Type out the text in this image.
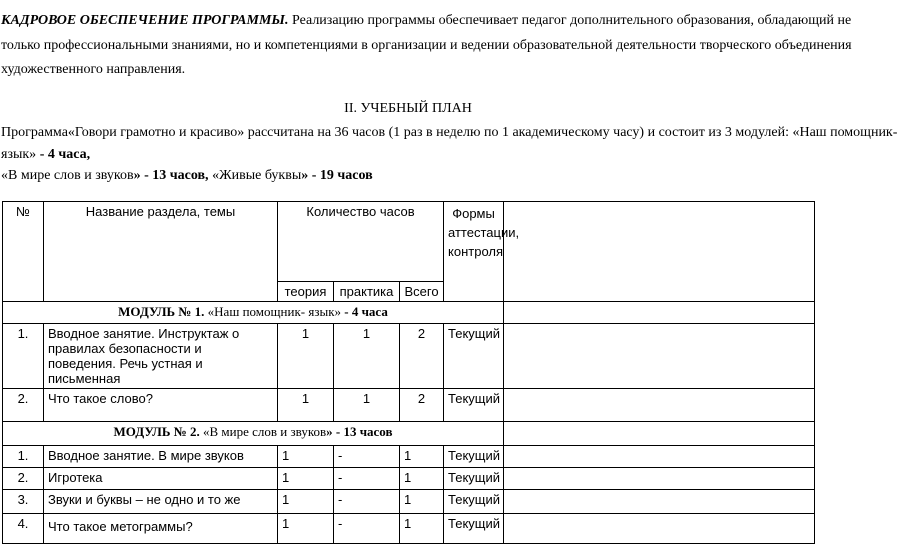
КАДРОВОЕ ОБЕСПЕЧЕНИЕ ПРОГРАММЫ. Реализацию программы обеспечивает педагог дополнительного образования, обладающий не
только профессиональными знаниями, но и компетенциями в организации и ведении образовательной деятельности творческого объединения
художественного направления.
II. УЧЕБНЫЙ ПЛАН
Программа«Говори грамотно и красиво» рассчитана на 36 часов (1 раз в неделю по 1 академическому часу) и состоит из 3 модулей: «Наш помощник-
язык» - 4 часа,
«В мире слов и звуков» - 13 часов, «Живые буквы» - 19 часов
№	Название раздела, темы	Количество часов			Формы аттестации, контроля	
		теория	практика	Всего		
МОДУЛЬ № 1. «Наш помощник- язык» - 4 часа						
1.	Вводное занятие. Инструктаж о правилах безопасности и поведения. Речь устная и письменная	1	1	2	Текущий	
2.	Что такое слово?	1	1	2	Текущий	
МОДУЛЬ № 2. «В мире слов и звуков» - 13 часов						
1.	Вводное занятие. В мире звуков	1	-	1	Текущий	
2.	Игротека	1	-	1	Текущий	
3.	Звуки и буквы – не одно и то же	1	-	1	Текущий	
4.	Что такое метограммы?	1	-	1	Текущий	
